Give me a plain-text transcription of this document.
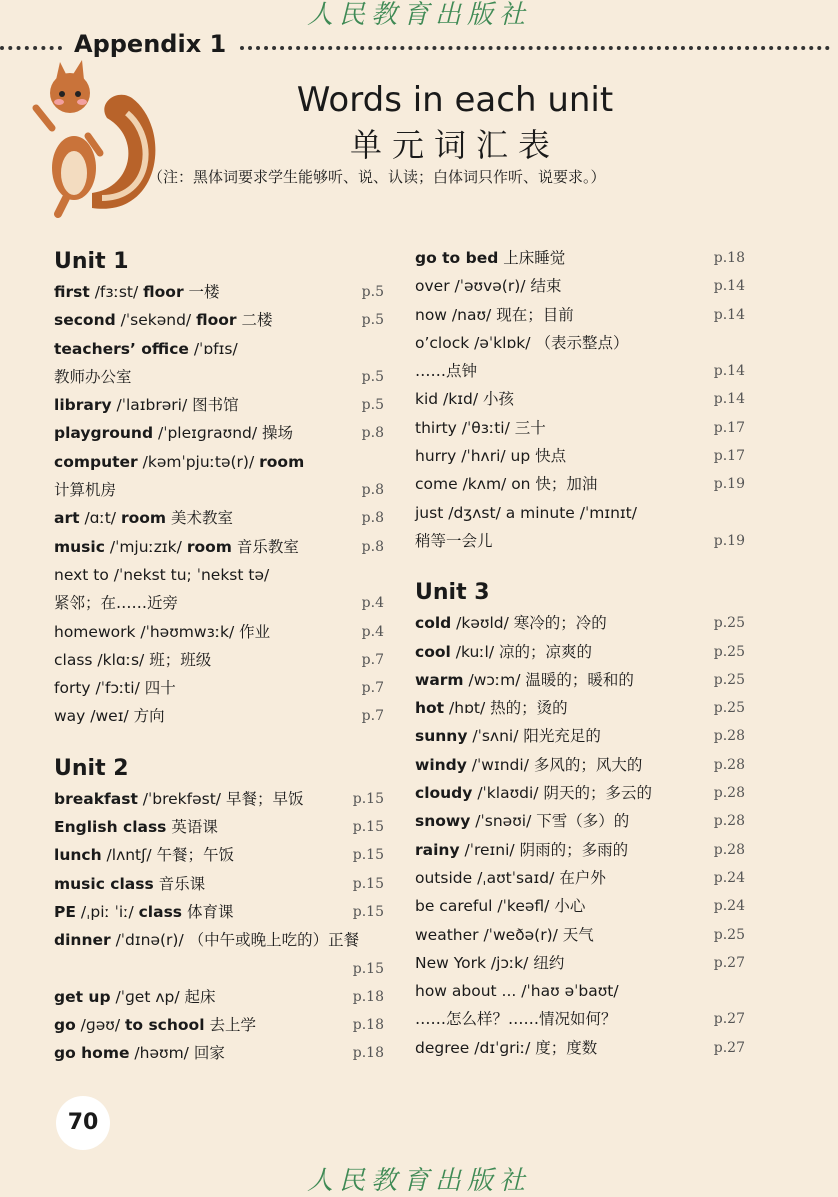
人民教育出版社
Appendix 1
Words in each unit
单元词汇表
（注：黑体词要求学生能够听、说、认读；白体词只作听、说要求。）
Unit 1
first /fɜːst/ floor 一楼	p.5
second /ˈsekənd/ floor 二楼	p.5
teachers’ office /ˈɒfɪs/
教师办公室	p.5
library /ˈlaɪbrəri/ 图书馆	p.5
playground /ˈpleɪɡraʊnd/ 操场	p.8
computer /kəmˈpjuːtə(r)/ room
计算机房	p.8
art /ɑːt/ room 美术教室	p.8
music /ˈmjuːzɪk/ room 音乐教室	p.8
next to /ˈnekst tu; ˈnekst tə/
紧邻；在……近旁	p.4
homework /ˈhəʊmwɜːk/ 作业	p.4
class /klɑːs/ 班；班级	p.7
forty /ˈfɔːti/ 四十	p.7
way /weɪ/ 方向	p.7
Unit 2
breakfast /ˈbrekfəst/ 早餐；早饭	p.15
English class 英语课	p.15
lunch /lʌntʃ/ 午餐；午饭	p.15
music class 音乐课	p.15
PE /ˌpiː ˈiː/ class 体育课	p.15
dinner /ˈdɪnə(r)/ （中午或晚上吃的）正餐
p.15
get up /ˈɡet ʌp/ 起床	p.18
go /ɡəʊ/ to school 去上学	p.18
go home /həʊm/ 回家	p.18
go to bed 上床睡觉	p.18
over /ˈəʊvə(r)/ 结束	p.14
now /naʊ/ 现在；目前	p.14
o’clock /əˈklɒk/ （表示整点）
……点钟	p.14
kid /kɪd/ 小孩	p.14
thirty /ˈθɜːti/ 三十	p.17
hurry /ˈhʌri/ up 快点	p.17
come /kʌm/ on 快；加油	p.19
just /dʒʌst/ a minute /ˈmɪnɪt/
稍等一会儿	p.19
Unit 3
cold /kəʊld/ 寒冷的；冷的	p.25
cool /kuːl/ 凉的；凉爽的	p.25
warm /wɔːm/ 温暖的；暖和的	p.25
hot /hɒt/ 热的；烫的	p.25
sunny /ˈsʌni/ 阳光充足的	p.28
windy /ˈwɪndi/ 多风的；风大的	p.28
cloudy /ˈklaʊdi/ 阴天的；多云的	p.28
snowy /ˈsnəʊi/ 下雪（多）的	p.28
rainy /ˈreɪni/ 阴雨的；多雨的	p.28
outside /ˌaʊtˈsaɪd/ 在户外	p.24
be careful /ˈkeəfl/ 小心	p.24
weather /ˈweðə(r)/ 天气	p.25
New York /jɔːk/ 纽约	p.27
how about ... /ˈhaʊ əˈbaʊt/
……怎么样？……情况如何？	p.27
degree /dɪˈɡriː/ 度；度数	p.27
70
人民教育出版社
